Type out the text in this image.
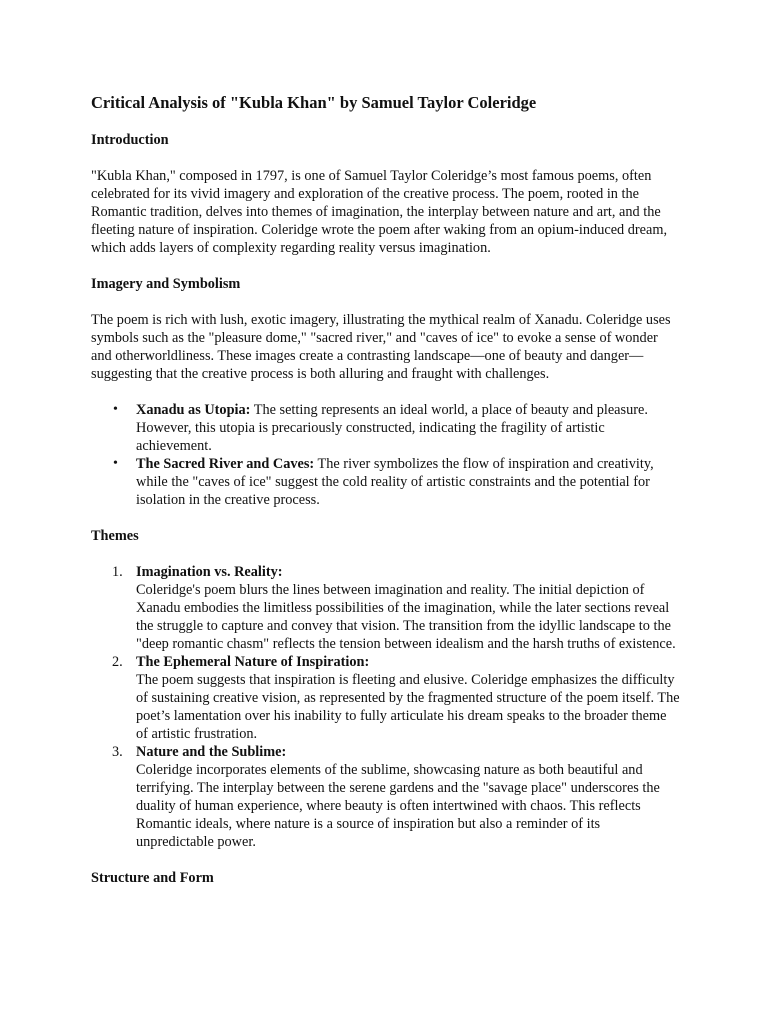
Critical Analysis of "Kubla Khan" by Samuel Taylor Coleridge
Introduction

"Kubla Khan," composed in 1797, is one of Samuel Taylor Coleridge’s most famous poems, often celebrated for its vivid imagery and exploration of the creative process. The poem, rooted in the Romantic tradition, delves into themes of imagination, the interplay between nature and art, and the fleeting nature of inspiration. Coleridge wrote the poem after waking from an opium-induced dream, which adds layers of complexity regarding reality versus imagination.

Imagery and Symbolism

The poem is rich with lush, exotic imagery, illustrating the mythical realm of Xanadu. Coleridge uses symbols such as the "pleasure dome," "sacred river," and "caves of ice" to evoke a sense of wonder and otherworldliness. These images create a contrasting landscape—one of beauty and danger—suggesting that the creative process is both alluring and fraught with challenges.

• Xanadu as Utopia: The setting represents an ideal world, a place of beauty and pleasure. However, this utopia is precariously constructed, indicating the fragility of artistic achievement.
• The Sacred River and Caves: The river symbolizes the flow of inspiration and creativity, while the "caves of ice" suggest the cold reality of artistic constraints and the potential for isolation in the creative process.
Themes
1. Imagination vs. Reality:
Coleridge's poem blurs the lines between imagination and reality. The initial depiction of Xanadu embodies the limitless possibilities of the imagination, while the later sections reveal the struggle to capture and convey that vision. The transition from the idyllic landscape to the "deep romantic chasm" reflects the tension between idealism and the harsh truths of existence.
2. The Ephemeral Nature of Inspiration:
The poem suggests that inspiration is fleeting and elusive. Coleridge emphasizes the difficulty of sustaining creative vision, as represented by the fragmented structure of the poem itself. The poet’s lamentation over his inability to fully articulate his dream speaks to the broader theme of artistic frustration.
3. Nature and the Sublime:
Coleridge incorporates elements of the sublime, showcasing nature as both beautiful and terrifying. The interplay between the serene gardens and the "savage place" underscores the duality of human experience, where beauty is often intertwined with chaos. This reflects Romantic ideals, where nature is a source of inspiration but also a reminder of its unpredictable power.
Structure and Form
